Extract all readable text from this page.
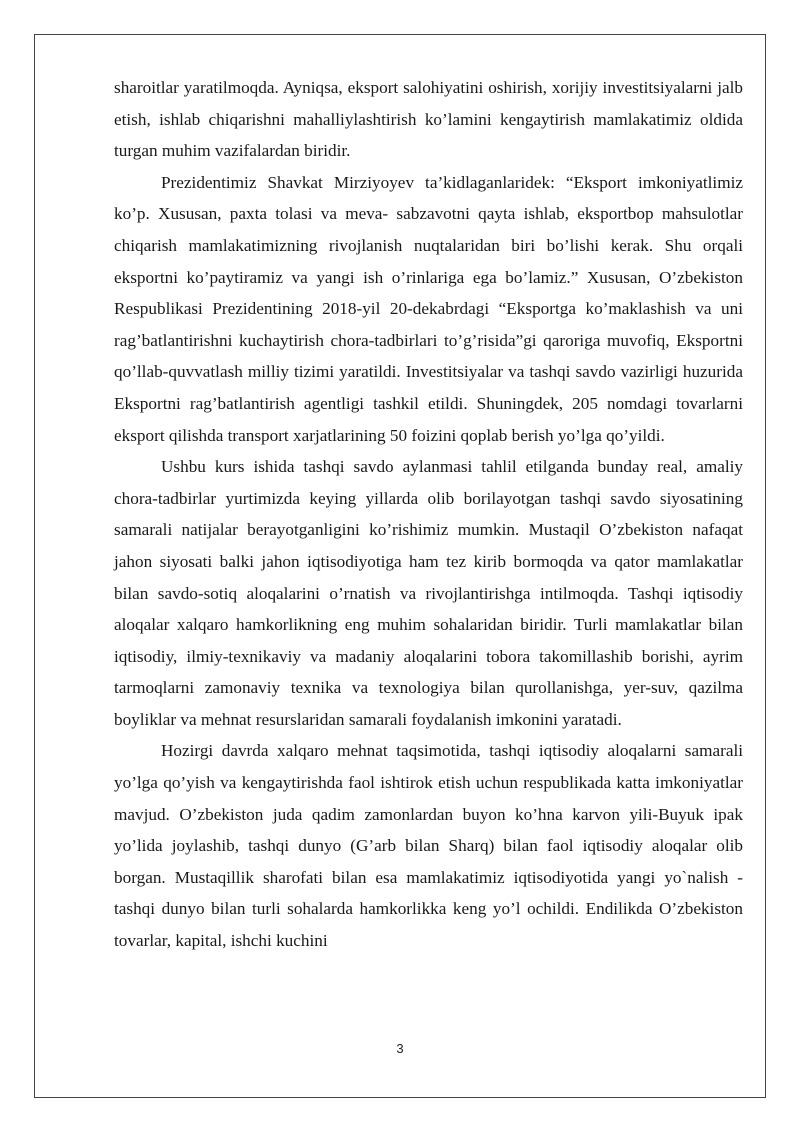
sharoitlar yaratilmoqda. Ayniqsa, eksport salohiyatini oshirish, xorijiy investitsiyalarni jalb etish, ishlab chiqarishni mahalliylashtirish ko’lamini kengaytirish mamlakatimiz oldida turgan muhim vazifalardan biridir.

Prezidentimiz Shavkat Mirziyoyev ta’kidlaganlaridek: “Eksport imkoniyatlimiz ko’p. Xususan, paxta tolasi va meva- sabzavotni qayta ishlab, eksportbop mahsulotlar chiqarish mamlakatimizning rivojlanish nuqtalaridan biri bo’lishi kerak. Shu orqali eksportni ko’paytiramiz va yangi ish o’rinlariga ega bo’lamiz.” Xususan, O’zbekiston Respublikasi Prezidentining 2018-yil 20-dekabrdagi “Eksportga ko’maklashish va uni rag’batlantirishni kuchaytirish chora-tadbirlari to’g’risida”gi qaroriga muvofiq, Eksportni qo’llab-quvvatlash milliy tizimi yaratildi. Investitsiyalar va tashqi savdo vazirligi huzurida Eksportni rag’batlantirish agentligi tashkil etildi. Shuningdek, 205 nomdagi tovarlarni eksport qilishda transport xarjatlarining 50 foizini qoplab berish yo’lga qo’yildi.

Ushbu kurs ishida tashqi savdo aylanmasi tahlil etilganda bunday real, amaliy chora-tadbirlar yurtimizda keying yillarda olib borilayotgan tashqi savdo siyosatining samarali natijalar berayotganligini ko’rishimiz mumkin. Mustaqil O’zbekiston nafaqat jahon siyosati balki jahon iqtisodiyotiga ham tez kirib bormoqda va qator mamlakatlar bilan savdo-sotiq aloqalarini o’rnatish va rivojlantirishga intilmoqda. Tashqi iqtisodiy aloqalar xalqaro hamkorlikning eng muhim sohalaridan biridir. Turli mamlakatlar bilan iqtisodiy, ilmiy-texnikaviy va madaniy aloqalarini tobora takomillashib borishi, ayrim tarmoqlarni zamonaviy texnika va texnologiya bilan qurollanishga, yer-suv, qazilma boyliklar va mehnat resurslaridan samarali foydalanish imkonini yaratadi.

Hozirgi davrda xalqaro mehnat taqsimotida, tashqi iqtisodiy aloqalarni samarali yo’lga qo’yish va kengaytirishda faol ishtirok etish uchun respublikada katta imkoniyatlar mavjud. O’zbekiston juda qadim zamonlardan buyon ko’hna karvon yili-Buyuk ipak yo’lida joylashib, tashqi dunyo (G’arb bilan Sharq) bilan faol iqtisodiy aloqalar olib borgan. Mustaqillik sharofati bilan esa mamlakatimiz iqtisodiyotida yangi yo`nalish - tashqi dunyo bilan turli sohalarda hamkorlikka keng yo’l ochildi. Endilikda O’zbekiston tovarlar, kapital, ishchi kuchini

3
